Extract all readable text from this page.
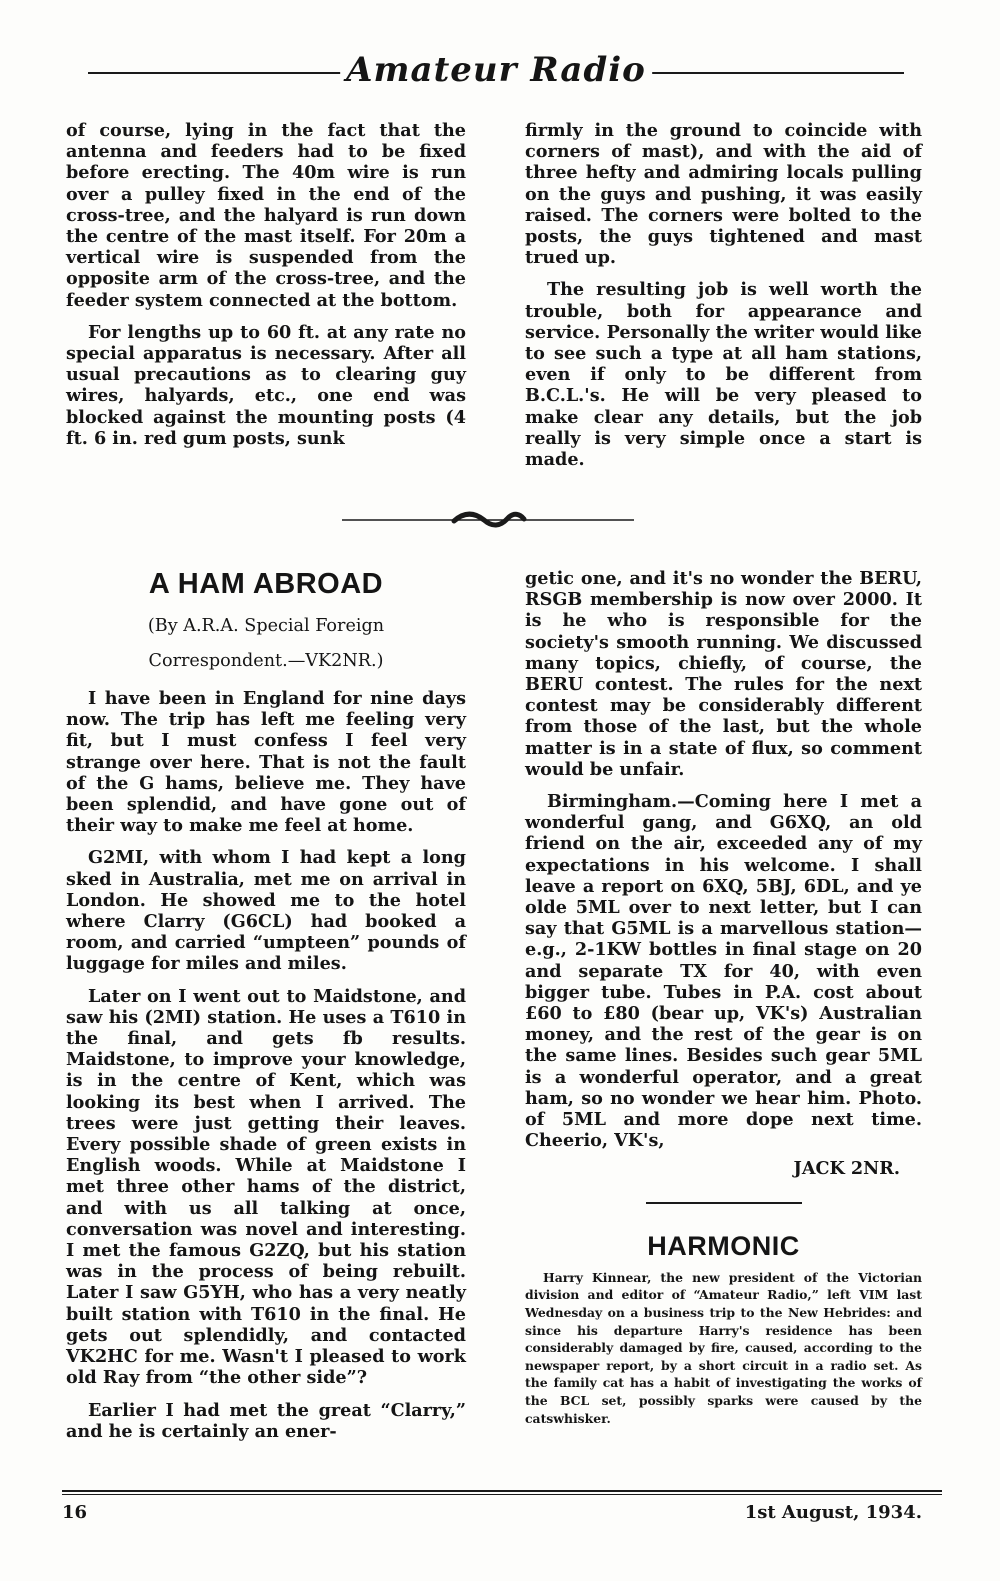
Amateur Radio

of course, lying in the fact that the antenna and feeders had to be fixed before erecting. The 40m wire is run over a pulley fixed in the end of the cross-tree, and the halyard is run down the centre of the mast itself. For 20m a vertical wire is suspended from the opposite arm of the cross-tree, and the feeder system connected at the bottom.

For lengths up to 60 ft. at any rate no special apparatus is necessary. After all usual precautions as to clearing guy wires, halyards, etc., one end was blocked against the mounting posts (4 ft. 6 in. red gum posts, sunk

firmly in the ground to coincide with corners of mast), and with the aid of three hefty and admiring locals pulling on the guys and pushing, it was easily raised. The corners were bolted to the posts, the guys tightened and mast trued up.

The resulting job is well worth the trouble, both for appearance and service. Personally the writer would like to see such a type at all ham stations, even if only to be different from B.C.L.'s. He will be very pleased to make clear any details, but the job really is very simple once a start is made.

A HAM ABROAD
(By A.R.A. Special Foreign
Correspondent.—VK2NR.)

I have been in England for nine days now. The trip has left me feeling very fit, but I must confess I feel very strange over here. That is not the fault of the G hams, believe me. They have been splendid, and have gone out of their way to make me feel at home.

G2MI, with whom I had kept a long sked in Australia, met me on arrival in London. He showed me to the hotel where Clarry (G6CL) had booked a room, and carried “umpteen” pounds of luggage for miles and miles.

Later on I went out to Maidstone, and saw his (2MI) station. He uses a T610 in the final, and gets fb results. Maidstone, to improve your knowledge, is in the centre of Kent, which was looking its best when I arrived. The trees were just getting their leaves. Every possible shade of green exists in English woods. While at Maidstone I met three other hams of the district, and with us all talking at once, conversation was novel and interesting. I met the famous G2ZQ, but his station was in the process of being rebuilt. Later I saw G5YH, who has a very neatly built station with T610 in the final. He gets out splendidly, and contacted VK2HC for me. Wasn't I pleased to work old Ray from “the other side”?

Earlier I had met the great “Clarry,” and he is certainly an ener-

getic one, and it's no wonder the BERU, RSGB membership is now over 2000. It is he who is responsible for the society's smooth running. We discussed many topics, chiefly, of course, the BERU contest. The rules for the next contest may be considerably different from those of the last, but the whole matter is in a state of flux, so comment would be unfair.

Birmingham.—Coming here I met a wonderful gang, and G6XQ, an old friend on the air, exceeded any of my expectations in his welcome. I shall leave a report on 6XQ, 5BJ, 6DL, and ye olde 5ML over to next letter, but I can say that G5ML is a marvellous station—e.g., 2-1KW bottles in final stage on 20 and separate TX for 40, with even bigger tube. Tubes in P.A. cost about £60 to £80 (bear up, VK's) Australian money, and the rest of the gear is on the same lines. Besides such gear 5ML is a wonderful operator, and a great ham, so no wonder we hear him. Photo. of 5ML and more dope next time. Cheerio, VK's,

JACK 2NR.
HARMONIC
Harry Kinnear, the new president of the Victorian division and editor of “Amateur Radio,” left VIM last Wednesday on a business trip to the New Hebrides: and since his departure Harry's residence has been considerably damaged by fire, caused, according to the newspaper report, by a short circuit in a radio set. As the family cat has a habit of investigating the works of the BCL set, possibly sparks were caused by the catswhisker.
16	1st August, 1934.
